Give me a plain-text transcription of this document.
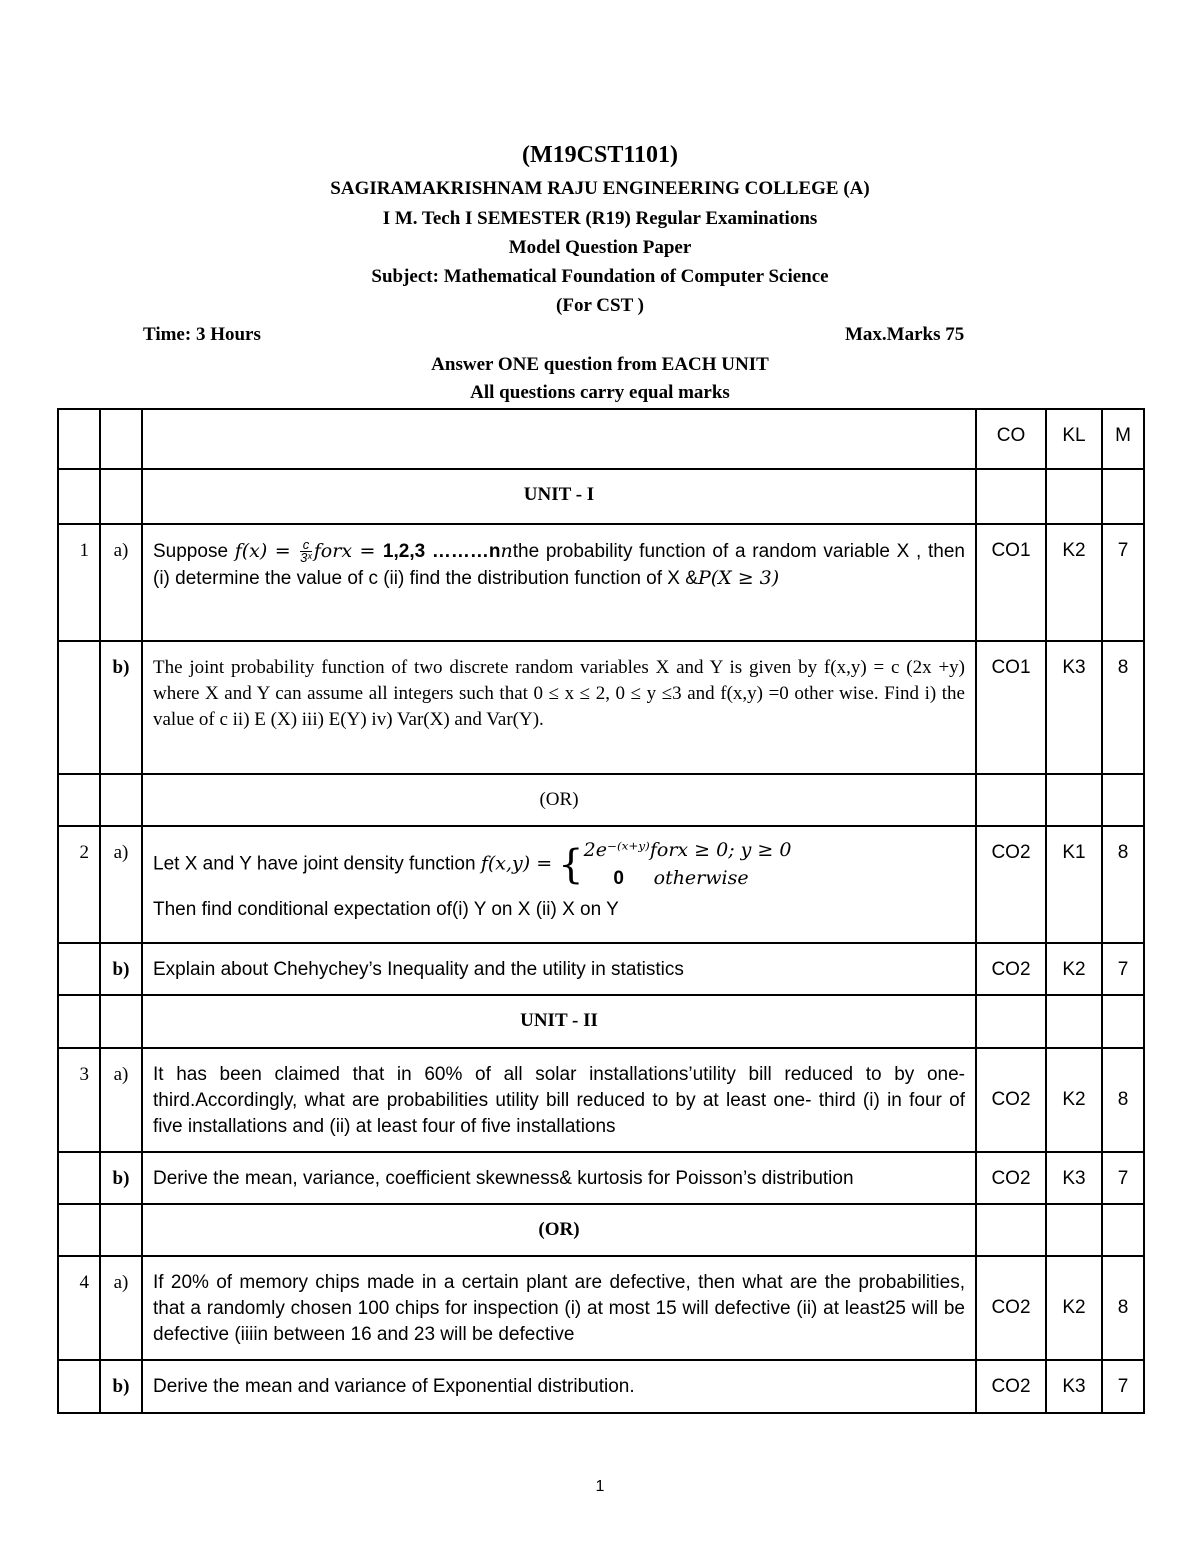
(M19CST1101)
SAGIRAMAKRISHNAM RAJU ENGINEERING COLLEGE (A)
I M. Tech I SEMESTER (R19) Regular Examinations
Model Question Paper
Subject: Mathematical Foundation of Computer Science
(For CST )
Time: 3 Hours	Max.Marks 75
Answer ONE question from EACH UNIT
All questions carry equal marks
			CO	KL	M
		UNIT - I			
1	a)	Suppose $f(x) = \frac{c}{\text{3ˣ}}$ forx = 1,2,3 ………nnthe probability function of a random variable X , then (i) determine the value of c (ii) find the distribution function of X &P(X ≥ 3)	CO1	K2	7
	b)	The joint probability function of two discrete random variables X and Y is given by f(x,y) = c (2x +y) where X and Y can assume all integers such that 0 ≤ x ≤ 2, 0 ≤ y ≤3 and f(x,y) =0 other wise. Find i) the value of c ii) E (X) iii) E(Y) iv) Var(X) and Var(Y).	CO1	K3	8
		(OR)			
2	a)	Let X and Y have joint density function f(x,y) = { 2e⁻⁽ˣ⁺ʸ⁾forx ≥ 0; y ≥ 0
0 otherwise
Then find conditional expectation of(i) Y on X (ii) X on Y	CO2	K1	8
	b)	Explain about Chehychey’s Inequality and the utility in statistics	CO2	K2	7
		UNIT - II			
3	a)	It has been claimed that in 60% of all solar installations’utility bill reduced to by one-third.Accordingly, what are probabilities utility bill reduced to by at least one- third (i) in four of five installations and (ii) at least four of five installations	CO2	K2	8
	b)	Derive the mean, variance, coefficient skewness& kurtosis for Poisson’s distribution	CO2	K3	7
		(OR)			
4	a)	If 20% of memory chips made in a certain plant are defective, then what are the probabilities, that a randomly chosen 100 chips for inspection (i) at most 15 will defective (ii) at least25 will be defective (iiiin between 16 and 23 will be defective	CO2	K2	8
	b)	Derive the mean and variance of Exponential distribution.	CO2	K3	7
1
